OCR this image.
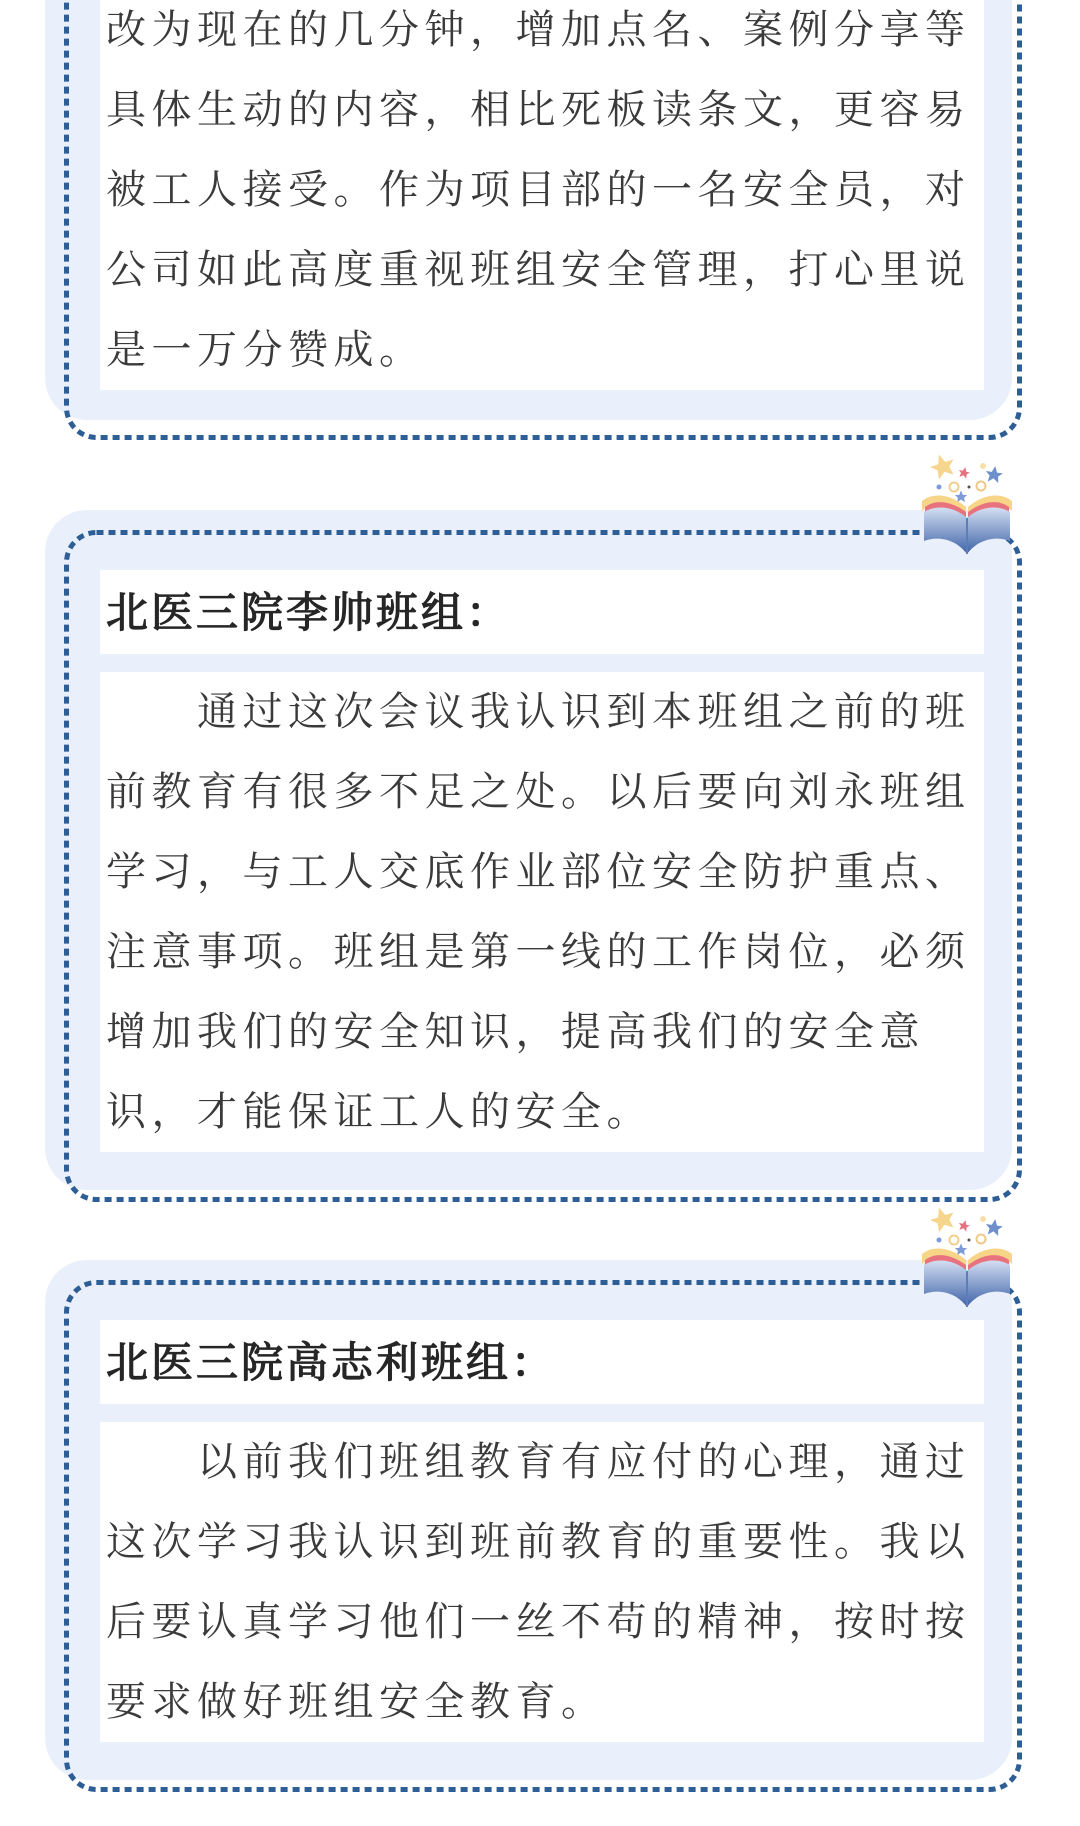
改为现在的几分钟，增加点名、案例分享等具体生动的内容，相比死板读条文，更容易被工人接受。作为项目部的一名安全员，对公司如此高度重视班组安全管理，打心里说是一万分赞成。

北医三院李帅班组：

通过这次会议我认识到本班组之前的班前教育有很多不足之处。以后要向刘永班组学习，与工人交底作业部位安全防护重点、注意事项。班组是第一线的工作岗位，必须增加我们的安全知识，提高我们的安全意识，才能保证工人的安全。

北医三院高志利班组：

以前我们班组教育有应付的心理，通过这次学习我认识到班前教育的重要性。我以后要认真学习他们一丝不苟的精神，按时按要求做好班组安全教育。
